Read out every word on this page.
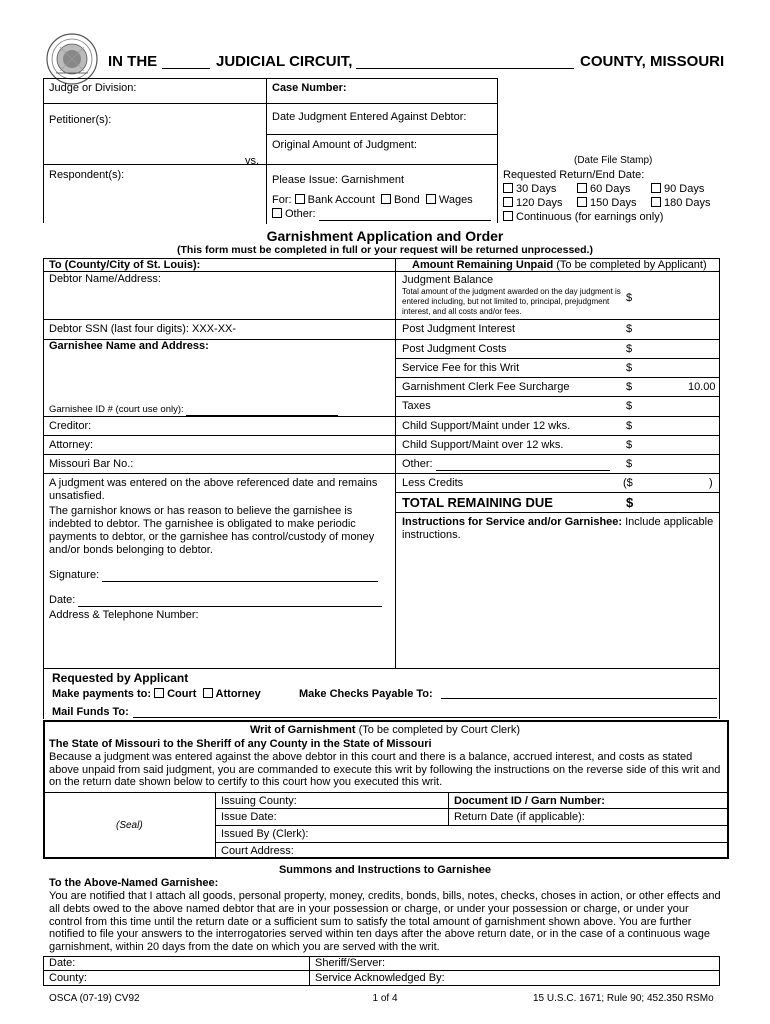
IN THE	JUDICIAL CIRCUIT,	COUNTY, MISSOURI
Judge or Division:	Case Number:
Petitioner(s):	Date Judgment Entered Against Debtor:
Original Amount of Judgment:
vs.	(Date File Stamp)
Respondent(s):	Please Issue: Garnishment
For: Bank Account Bond Wages
Other:
Requested Return/End Date:
30 Days	60 Days	90 Days
120 Days	150 Days	180 Days
Continuous (for earnings only)
Garnishment Application and Order
(This form must be completed in full or your request will be returned unprocessed.)
To (County/City of St. Louis):
Debtor Name/Address:
Debtor SSN (last four digits): XXX-XX-
Garnishee Name and Address:
Garnishee ID # (court use only):
Creditor:
Attorney:
Missouri Bar No.:
A judgment was entered on the above referenced date and remains unsatisfied.
The garnishor knows or has reason to believe the garnishee is indebted to debtor. The garnishee is obligated to make periodic payments to debtor, or the garnishee has control/custody of money and/or bonds belonging to debtor.
Signature:
Date:
Address & Telephone Number:
Amount Remaining Unpaid (To be completed by Applicant)
Judgment Balance
Total amount of the judgment awarded on the day judgment is entered including, but not limited to, principal, prejudgment interest, and all costs and/or fees.
$
Post Judgment Interest	$
Post Judgment Costs	$
Service Fee for this Writ	$
Garnishment Clerk Fee Surcharge	$	10.00
Taxes	$
Child Support/Maint under 12 wks.	$
Child Support/Maint over 12 wks.	$
Other:	$
Less Credits	($	)
TOTAL REMAINING DUE	$
Instructions for Service and/or Garnishee: Include applicable instructions.
Requested by Applicant
Make payments to: Court Attorney	Make Checks Payable To:
Mail Funds To:
Writ of Garnishment (To be completed by Court Clerk)
The State of Missouri to the Sheriff of any County in the State of Missouri
Because a judgment was entered against the above debtor in this court and there is a balance, accrued interest, and costs as stated above unpaid from said judgment, you are commanded to execute this writ by following the instructions on the reverse side of this writ and on the return date shown below to certify to this court how you executed this writ.
(Seal)
Issuing County:	Document ID / Garn Number:
Issue Date:	Return Date (if applicable):
Issued By (Clerk):
Court Address:
Summons and Instructions to Garnishee
To the Above-Named Garnishee:
You are notified that I attach all goods, personal property, money, credits, bonds, bills, notes, checks, choses in action, or other effects and all debts owed to the above named debtor that are in your possession or charge, or under your possession or charge, or under your control from this time until the return date or a sufficient sum to satisfy the total amount of garnishment shown above. You are further notified to file your answers to the interrogatories served within ten days after the above return date, or in the case of a continuous wage garnishment, within 20 days from the date on which you are served with the writ.
Date:	Sheriff/Server:
County:	Service Acknowledged By:
OSCA (07-19) CV92	1 of 4	15 U.S.C. 1671; Rule 90; 452.350 RSMo
